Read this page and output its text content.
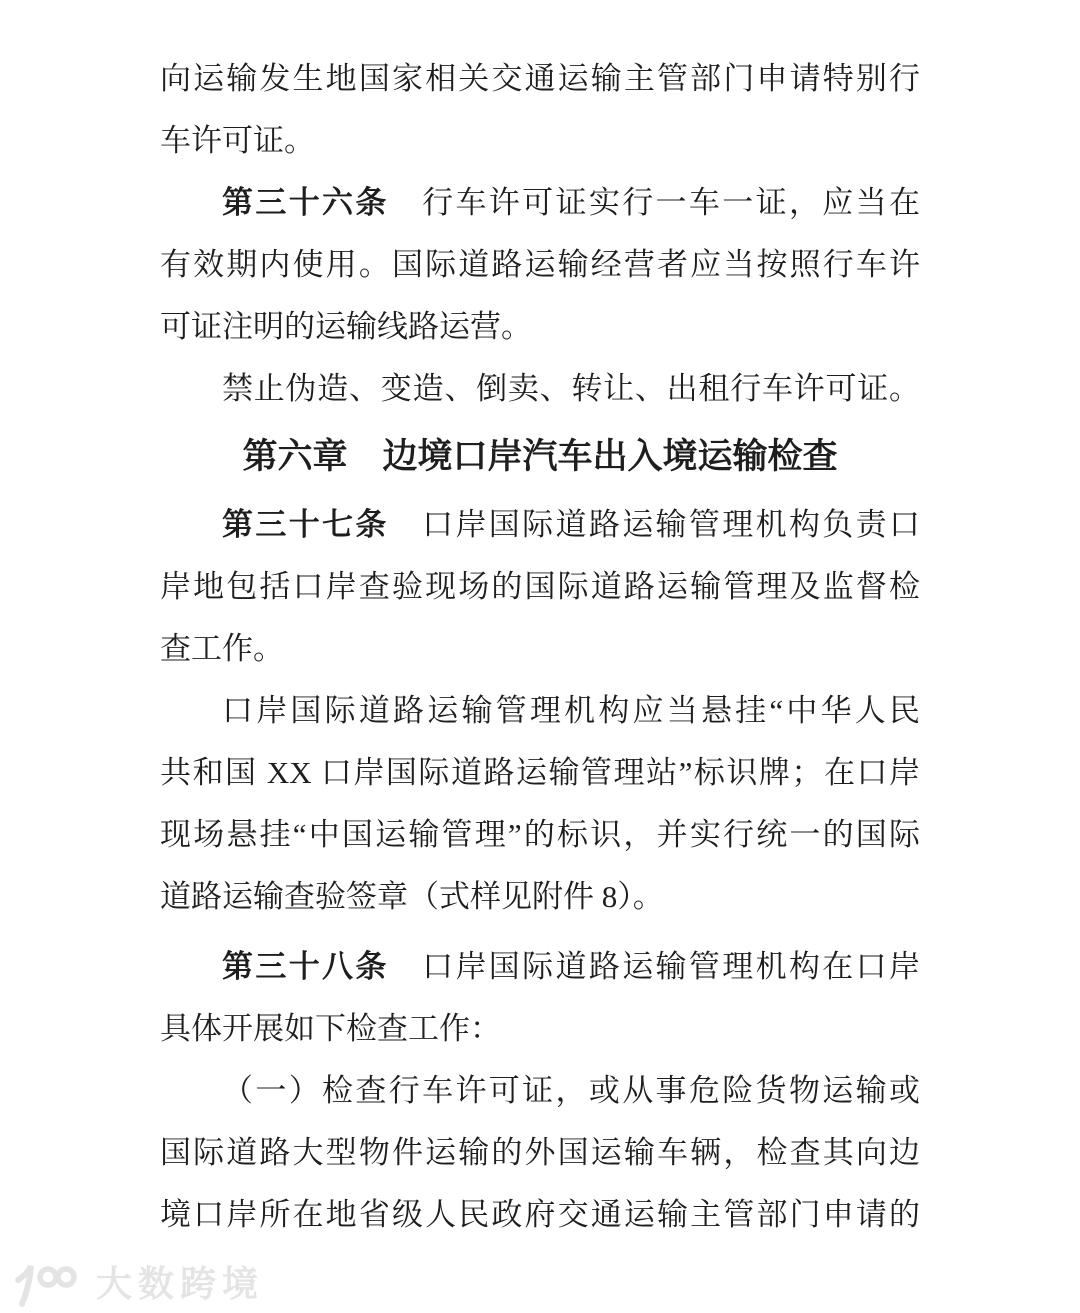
向运输发生地国家相关交通运输主管部门申请特别行
车许可证。
第三十六条　行车许可证实行一车一证，应当在
有效期内使用。国际道路运输经营者应当按照行车许
可证注明的运输线路运营。
禁止伪造、变造、倒卖、转让、出租行车许可证。
第六章　边境口岸汽车出入境运输检查
第三十七条　口岸国际道路运输管理机构负责口
岸地包括口岸查验现场的国际道路运输管理及监督检
查工作。
口岸国际道路运输管理机构应当悬挂“中华人民
共和国 XX 口岸国际道路运输管理站”标识牌；在口岸
现场悬挂“中国运输管理”的标识，并实行统一的国际
道路运输查验签章（式样见附件 8）。
第三十八条　口岸国际道路运输管理机构在口岸
具体开展如下检查工作：
（一）检查行车许可证，或从事危险货物运输或
国际道路大型物件运输的外国运输车辆，检查其向边
境口岸所在地省级人民政府交通运输主管部门申请的
大数跨境
